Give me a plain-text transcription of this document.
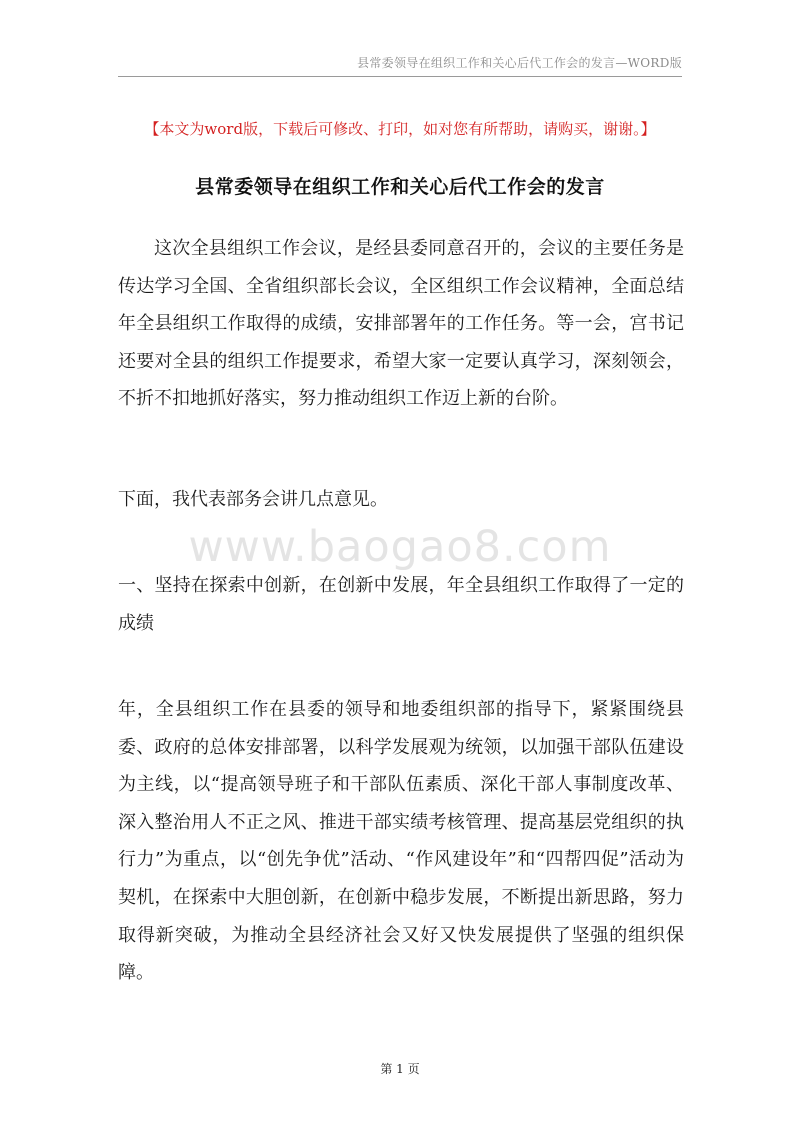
县常委领导在组织工作和关心后代工作会的发言—WORD版
【本文为word版，下载后可修改、打印，如对您有所帮助，请购买，谢谢。】
县常委领导在组织工作和关心后代工作会的发言
www.baogao8.com

这次全县组织工作会议，是经县委同意召开的，会议的主要任务是传达学习全国、全省组织部长会议，全区组织工作会议精神，全面总结年全县组织工作取得的成绩，安排部署年的工作任务。等一会，宫书记还要对全县的组织工作提要求，希望大家一定要认真学习，深刻领会，不折不扣地抓好落实，努力推动组织工作迈上新的台阶。

下面，我代表部务会讲几点意见。

一、坚持在探索中创新，在创新中发展，年全县组织工作取得了一定的成绩

年，全县组织工作在县委的领导和地委组织部的指导下，紧紧围绕县委、政府的总体安排部署，以科学发展观为统领，以加强干部队伍建设为主线，以“提高领导班子和干部队伍素质、深化干部人事制度改革、深入整治用人不正之风、推进干部实绩考核管理、提高基层党组织的执行力”为重点，以“创先争优”活动、“作风建设年”和“四帮四促”活动为契机，在探索中大胆创新，在创新中稳步发展，不断提出新思路，努力取得新突破，为推动全县经济社会又好又快发展提供了坚强的组织保障。

第 1 页
